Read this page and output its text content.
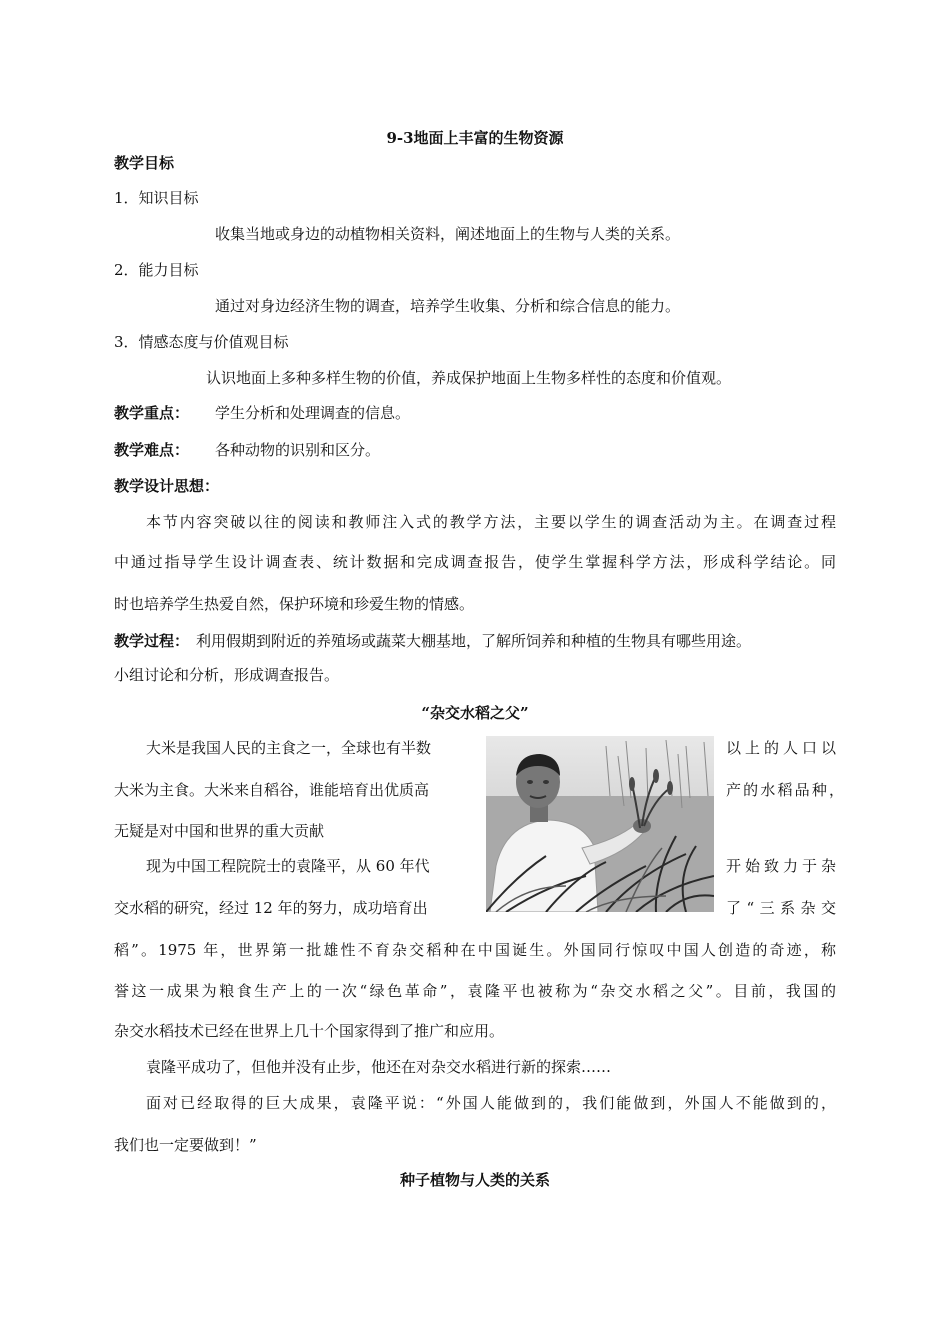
9-3地面上丰富的生物资源
教学目标
1．知识目标
收集当地或身边的动植物相关资料，阐述地面上的生物与人类的关系。
2．能力目标
通过对身边经济生物的调查，培养学生收集、分析和综合信息的能力。
3．情感态度与价值观目标
认识地面上多种多样生物的价值，养成保护地面上生物多样性的态度和价值观。
教学重点： 学生分析和处理调查的信息。
教学难点： 各种动物的识别和区分。
教学设计思想：
本节内容突破以往的阅读和教师注入式的教学方法，主要以学生的调查活动为主。在调查过程
中通过指导学生设计调查表、统计数据和完成调查报告，使学生掌握科学方法，形成科学结论。同
时也培养学生热爱自然，保护环境和珍爱生物的情感。
教学过程： 利用假期到附近的养殖场或蔬菜大棚基地，了解所饲养和种植的生物具有哪些用途。
小组讨论和分析，形成调查报告。
“杂交水稻之父”
大米是我国人民的主食之一，全球也有半数
大米为主食。大米来自稻谷，谁能培育出优质高
无疑是对中国和世界的重大贡献
现为中国工程院院士的袁隆平，从 60 年代
交水稻的研究，经过 12 年的努力，成功培育出
以上的人口以
产的水稻品种，
开始致力于杂
了“三系杂交
稻”。1975 年，世界第一批雄性不育杂交稻种在中国诞生。外国同行惊叹中国人创造的奇迹，称
誉这一成果为粮食生产上的一次“绿色革命”，袁隆平也被称为“杂交水稻之父”。目前，我国的
杂交水稻技术已经在世界上几十个国家得到了推广和应用。
袁隆平成功了，但他并没有止步，他还在对杂交水稻进行新的探索……
面对已经取得的巨大成果，袁隆平说：“外国人能做到的，我们能做到，外国人不能做到的，
我们也一定要做到！”
种子植物与人类的关系
